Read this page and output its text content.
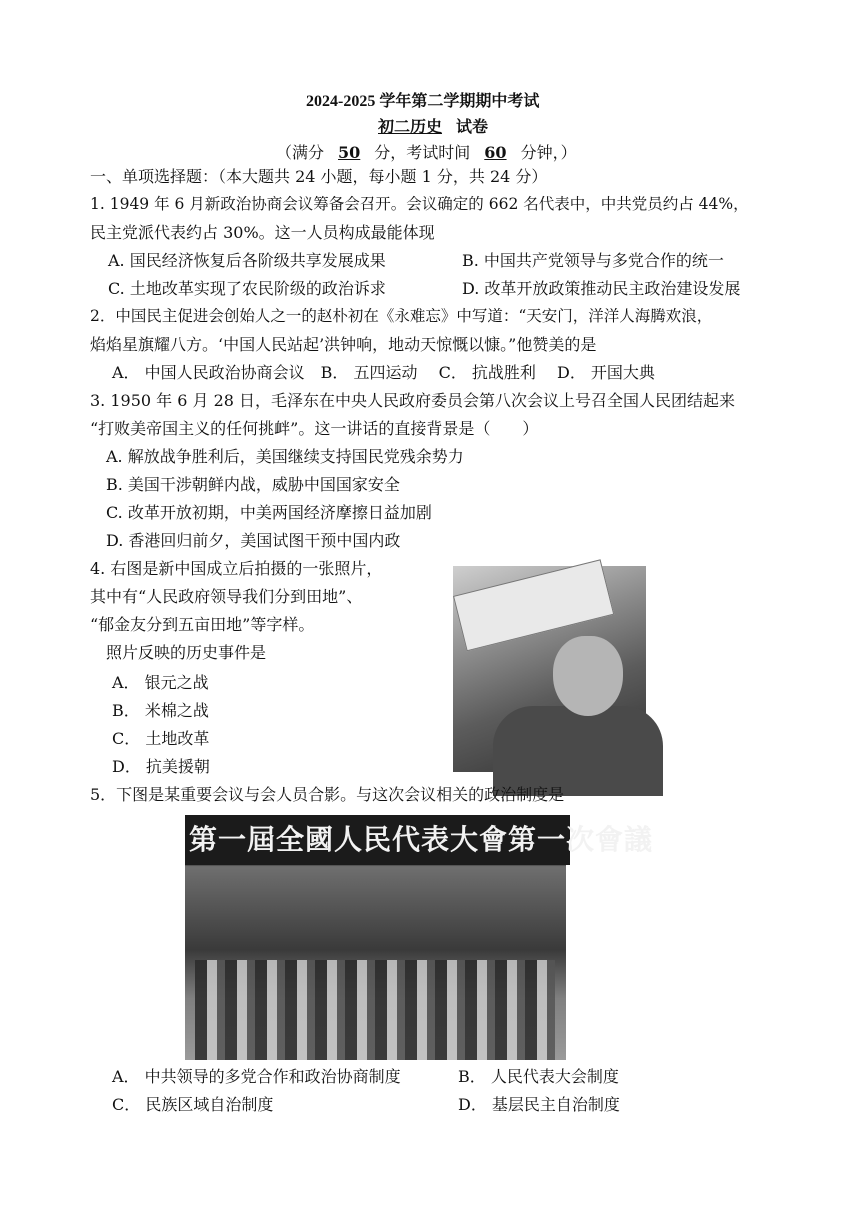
2024-2025 学年第二学期期中考试
初二历史 试卷
（满分 50 分，考试时间 60 分钟，）
一、单项选择题：（本大题共 24 小题，每小题 1 分，共 24 分）
1. 1949 年 6 月新政治协商会议筹备会召开。会议确定的 662 名代表中，中共党员约占 44%，
民主党派代表约占 30%。这一人员构成最能体现
A. 国民经济恢复后各阶级共享发展成果	B. 中国共产党领导与多党合作的统一
C. 土地改革实现了农民阶级的政治诉求	D. 改革开放政策推动民主政治建设发展
2．中国民主促进会创始人之一的赵朴初在《永难忘》中写道：“天安门，洋洋人海腾欢浪，
焰焰星旗耀八方。‘中国人民站起’洪钟响，地动天惊慨以慷。”他赞美的是
A． 中国人民政治协商会议　B． 五四运动　 C． 抗战胜利　 D． 开国大典
3. 1950 年 6 月 28 日，毛泽东在中央人民政府委员会第八次会议上号召全国人民团结起来
“打败美帝国主义的任何挑衅”。这一讲话的直接背景是（　　）
A. 解放战争胜利后，美国继续支持国民党残余势力
B. 美国干涉朝鲜内战，威胁中国国家安全
C. 改革开放初期，中美两国经济摩擦日益加剧
D. 香港回归前夕，美国试图干预中国内政
4. 右图是新中国成立后拍摄的一张照片，
其中有“人民政府领导我们分到田地”、
“郁金友分到五亩田地”等字样。
照片反映的历史事件是
A． 银元之战
B． 米棉之战
C． 土地改革
D． 抗美援朝
5．下图是某重要会议与会人员合影。与这次会议相关的政治制度是
第一屆全國人民代表大會第一次會議
A． 中共领导的多党合作和政治协商制度	B． 人民代表大会制度
C． 民族区域自治制度	D． 基层民主自治制度
